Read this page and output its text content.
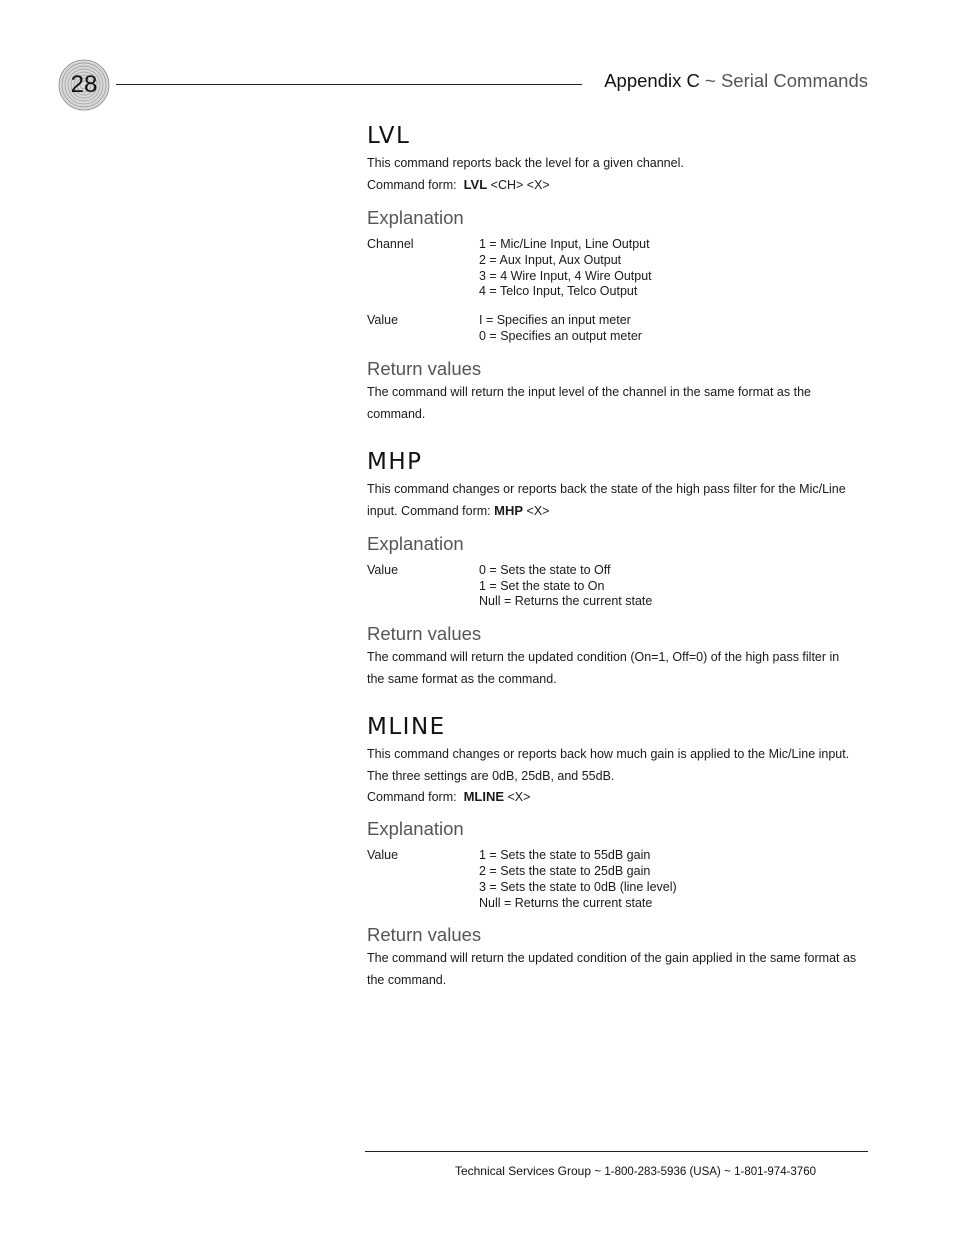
28	Appendix C ~ Serial Commands
LVL

This command reports back the level for a given channel.

Command form: LVL <CH> <X>

Explanation
Channel	1 = Mic/Line Input, Line Output
2 = Aux Input, Aux Output
3 = 4 Wire Input, 4 Wire Output
4 = Telco Input, Telco Output
Value	I = Specifies an input meter
0 = Specifies an output meter
Return values

The command will return the input level of the channel in the same format as the command.

MHP

This command changes or reports back the state of the high pass filter for the Mic/Line input. Command form: MHP <X>

Explanation
Value	0 = Sets the state to Off
1 = Set the state to On
Null = Returns the current state
Return values

The command will return the updated condition (On=1, Off=0) of the high pass filter in the same format as the command.

MLINE

This command changes or reports back how much gain is applied to the Mic/Line input. The three settings are 0dB, 25dB, and 55dB.

Command form: MLINE <X>

Explanation
Value	1 = Sets the state to 55dB gain
2 = Sets the state to 25dB gain
3 = Sets the state to 0dB (line level)
Null = Returns the current state
Return values

The command will return the updated condition of the gain applied in the same format as the command.

Technical Services Group ~ 1-800-283-5936 (USA) ~ 1-801-974-3760
